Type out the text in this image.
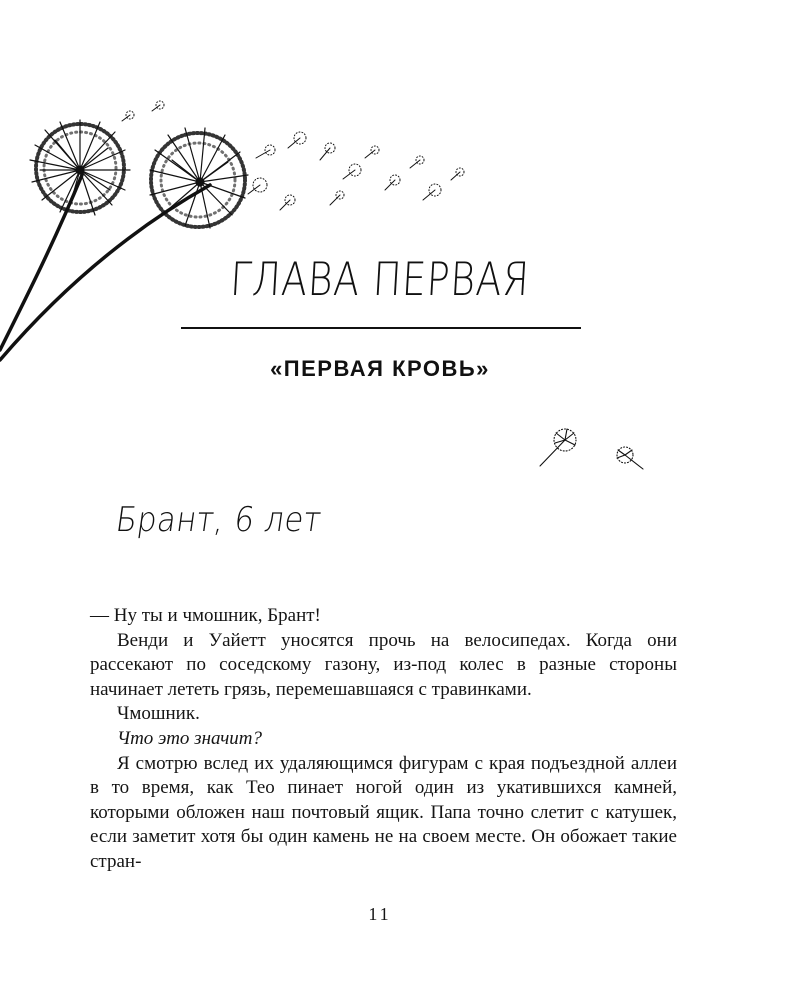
ГЛАВА ПЕРВАЯ
«ПЕРВАЯ КРОВЬ»
Брант, 6 лет

— Ну ты и чмошник, Брант!

Венди и Уайетт уносятся прочь на велосипедах. Когда они рассекают по соседскому газону, из-под колес в разные стороны начинает лететь грязь, перемешавшаяся с травинками.

Чмошник.

Что это значит?

Я смотрю вслед их удаляющимся фигурам с края подъездной аллеи в то время, как Тео пинает ногой один из укатившихся камней, которыми обложен наш почтовый ящик. Папа точно слетит с катушек, если заметит хотя бы один камень не на своем месте. Он обожает такие стран-

11
